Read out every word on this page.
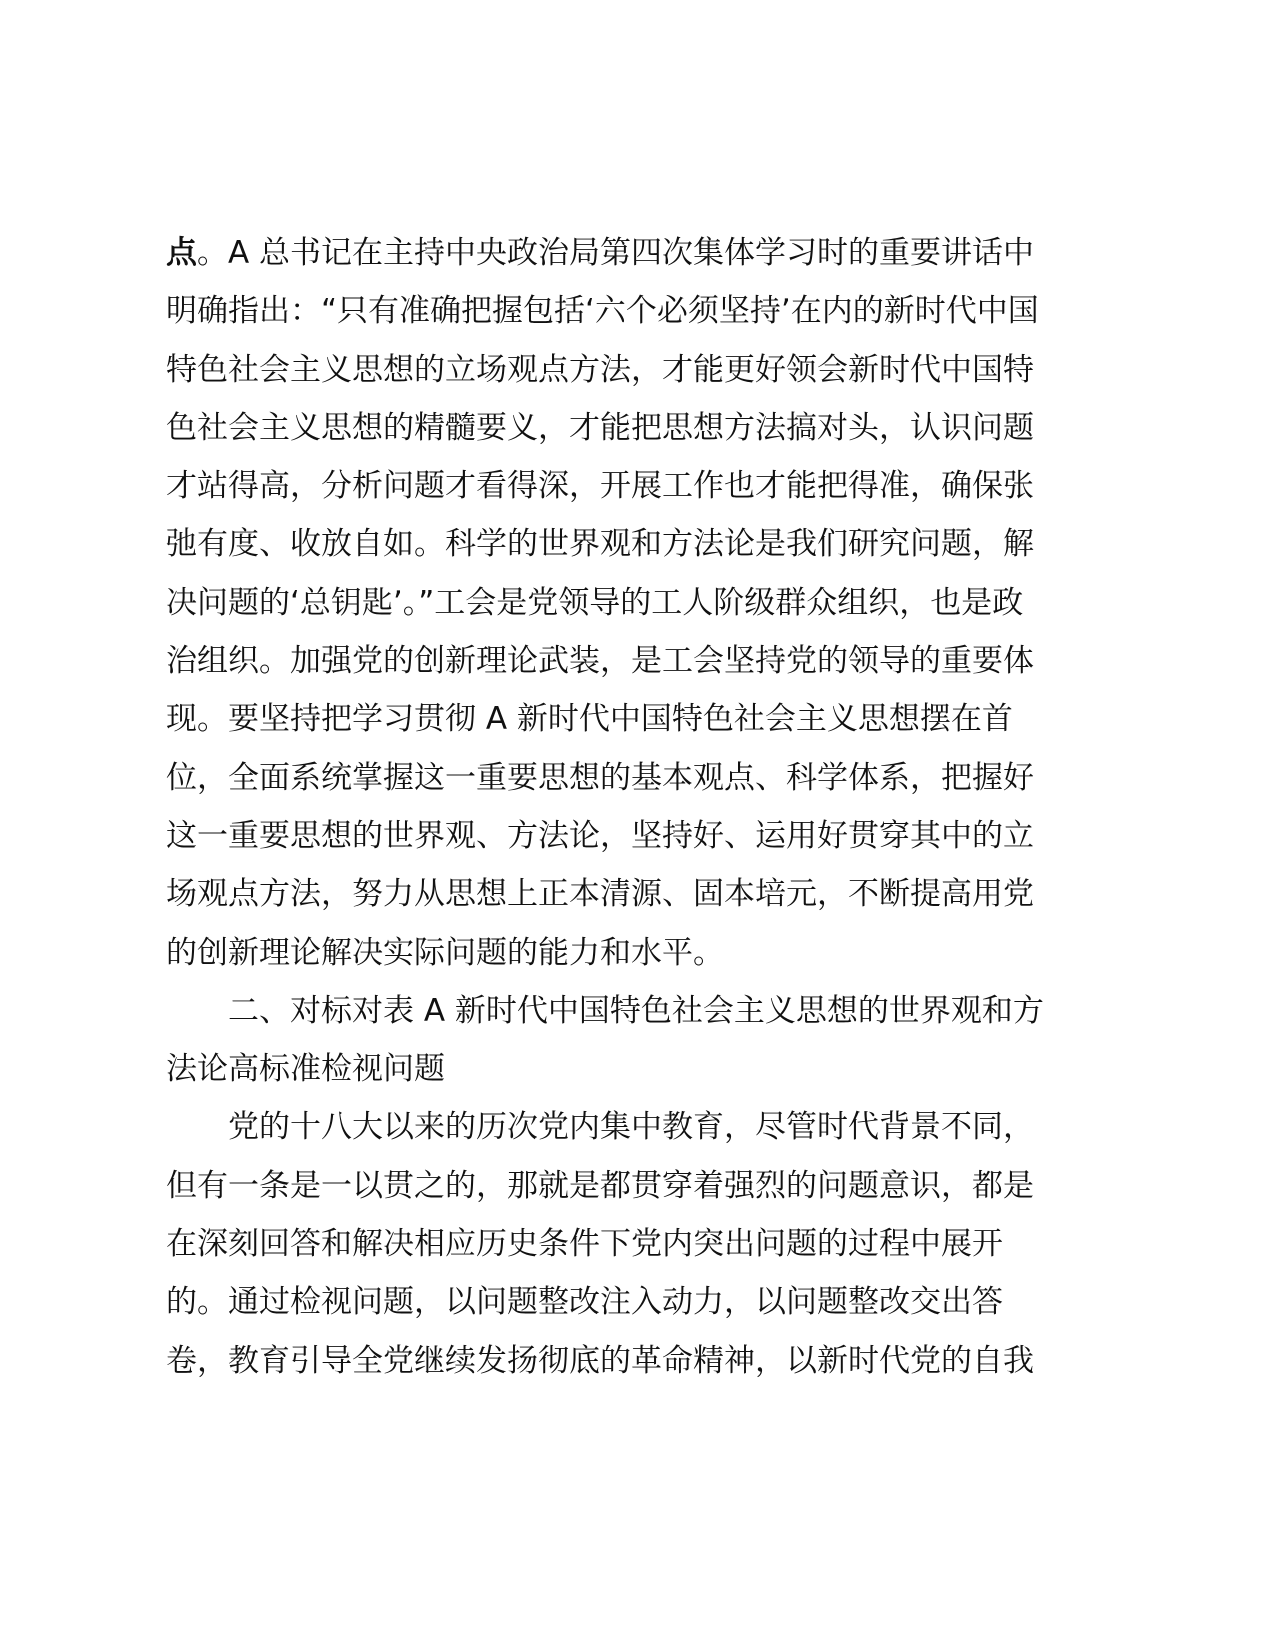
点。A 总书记在主持中央政治局第四次集体学习时的重要讲话中
明确指出：“只有准确把握包括‘六个必须坚持’在内的新时代中国
特色社会主义思想的立场观点方法，才能更好领会新时代中国特
色社会主义思想的精髓要义，才能把思想方法搞对头，认识问题
才站得高，分析问题才看得深，开展工作也才能把得准，确保张
弛有度、收放自如。科学的世界观和方法论是我们研究问题，解
决问题的‘总钥匙’。”工会是党领导的工人阶级群众组织，也是政
治组织。加强党的创新理论武装，是工会坚持党的领导的重要体
现。要坚持把学习贯彻 A 新时代中国特色社会主义思想摆在首
位，全面系统掌握这一重要思想的基本观点、科学体系，把握好
这一重要思想的世界观、方法论，坚持好、运用好贯穿其中的立
场观点方法，努力从思想上正本清源、固本培元，不断提高用党
的创新理论解决实际问题的能力和水平。
二、对标对表 A 新时代中国特色社会主义思想的世界观和方
法论高标准检视问题
党的十八大以来的历次党内集中教育，尽管时代背景不同，
但有一条是一以贯之的，那就是都贯穿着强烈的问题意识，都是
在深刻回答和解决相应历史条件下党内突出问题的过程中展开
的。通过检视问题，以问题整改注入动力，以问题整改交出答
卷，教育引导全党继续发扬彻底的革命精神，以新时代党的自我
